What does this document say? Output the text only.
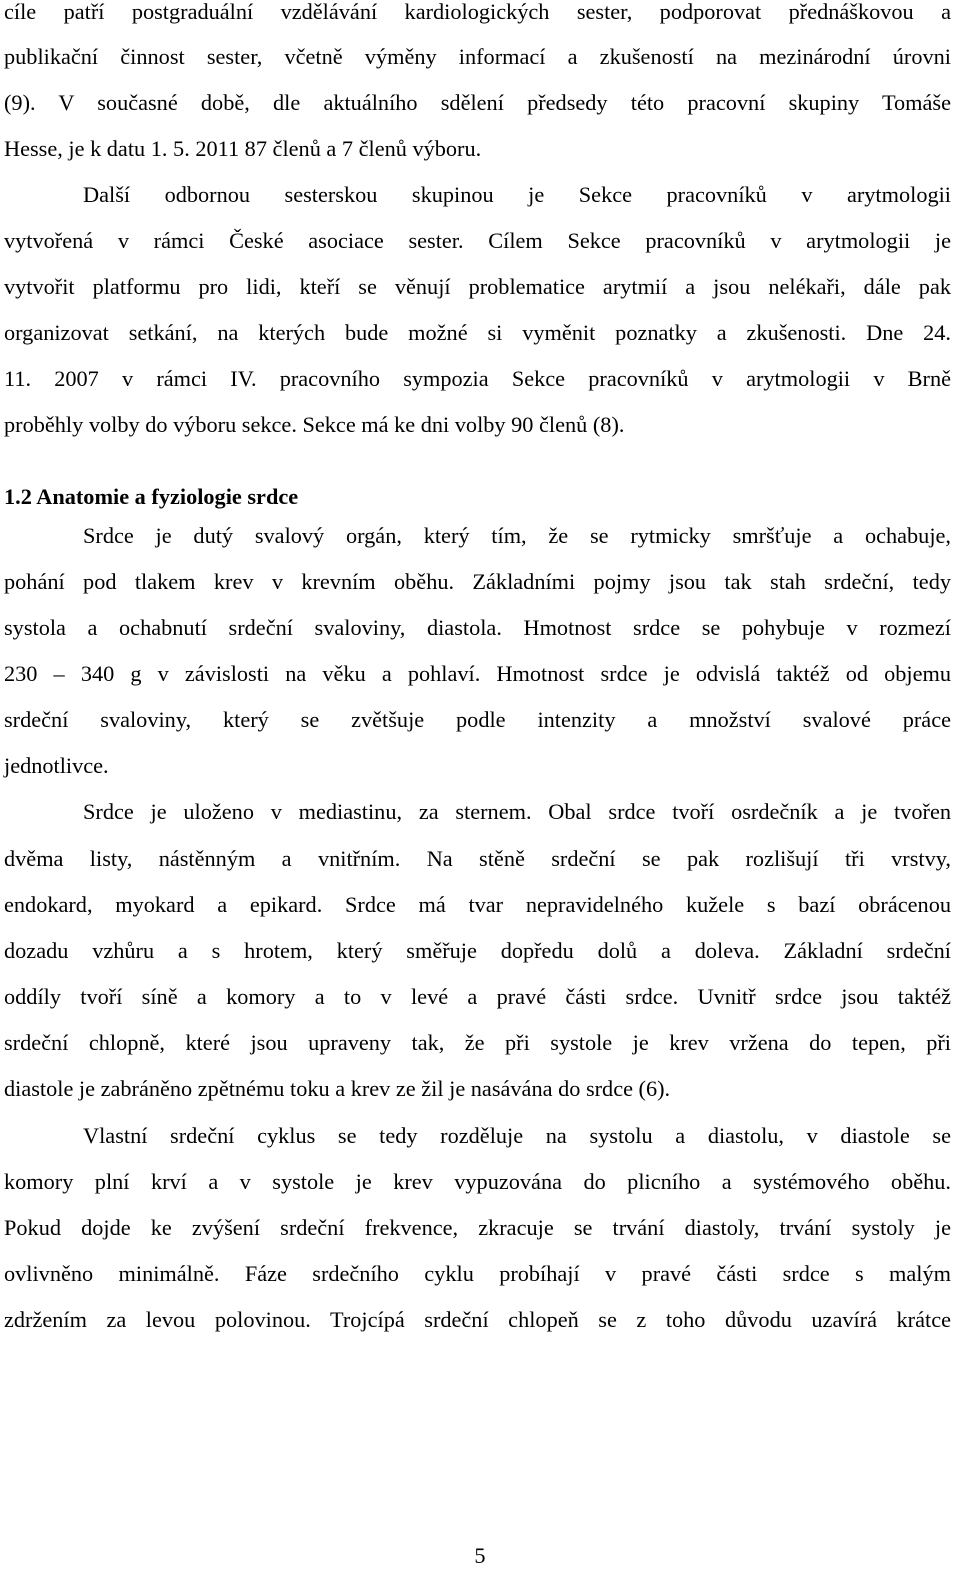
cíle patří postgraduální vzdělávání kardiologických sester, podporovat přednáškovou a
publikační činnost sester, včetně výměny informací a zkušeností na mezinárodní úrovni
(9). V současné době, dle aktuálního sdělení předsedy této pracovní skupiny Tomáše
Hesse, je k datu 1. 5. 2011 87 členů a 7 členů výboru.
Další odbornou sesterskou skupinou je Sekce pracovníků v arytmologii
vytvořená v rámci České asociace sester. Cílem Sekce pracovníků v arytmologii je
vytvořit platformu pro lidi, kteří se věnují problematice arytmií a jsou nelékaři, dále pak
organizovat setkání, na kterých bude možné si vyměnit poznatky a zkušenosti. Dne 24.
11. 2007 v rámci IV. pracovního sympozia Sekce pracovníků v arytmologii v Brně
proběhly volby do výboru sekce. Sekce má ke dni volby 90 členů (8).
1.2 Anatomie a fyziologie srdce
Srdce je dutý svalový orgán, který tím, že se rytmicky smršťuje a ochabuje,
pohání pod tlakem krev v krevním oběhu. Základními pojmy jsou tak stah srdeční, tedy
systola a ochabnutí srdeční svaloviny, diastola. Hmotnost srdce se pohybuje v rozmezí
230 – 340 g v závislosti na věku a pohlaví. Hmotnost srdce je odvislá taktéž od objemu
srdeční svaloviny, který se zvětšuje podle intenzity a množství svalové práce
jednotlivce.
Srdce je uloženo v mediastinu, za sternem. Obal srdce tvoří osrdečník a je tvořen
dvěma listy, nástěnným a vnitřním. Na stěně srdeční se pak rozlišují tři vrstvy,
endokard, myokard a epikard. Srdce má tvar nepravidelného kužele s bazí obrácenou
dozadu vzhůru a s hrotem, který směřuje dopředu dolů a doleva. Základní srdeční
oddíly tvoří síně a komory a to v levé a pravé části srdce. Uvnitř srdce jsou taktéž
srdeční chlopně, které jsou upraveny tak, že při systole je krev vržena do tepen, při
diastole je zabráněno zpětnému toku a krev ze žil je nasávána do srdce (6).
Vlastní srdeční cyklus se tedy rozděluje na systolu a diastolu, v diastole se
komory plní krví a v systole je krev vypuzována do plicního a systémového oběhu.
Pokud dojde ke zvýšení srdeční frekvence, zkracuje se trvání diastoly, trvání systoly je
ovlivněno minimálně. Fáze srdečního cyklu probíhají v pravé části srdce s malým
zdržením za levou polovinou. Trojcípá srdeční chlopeň se z toho důvodu uzavírá krátce
5
